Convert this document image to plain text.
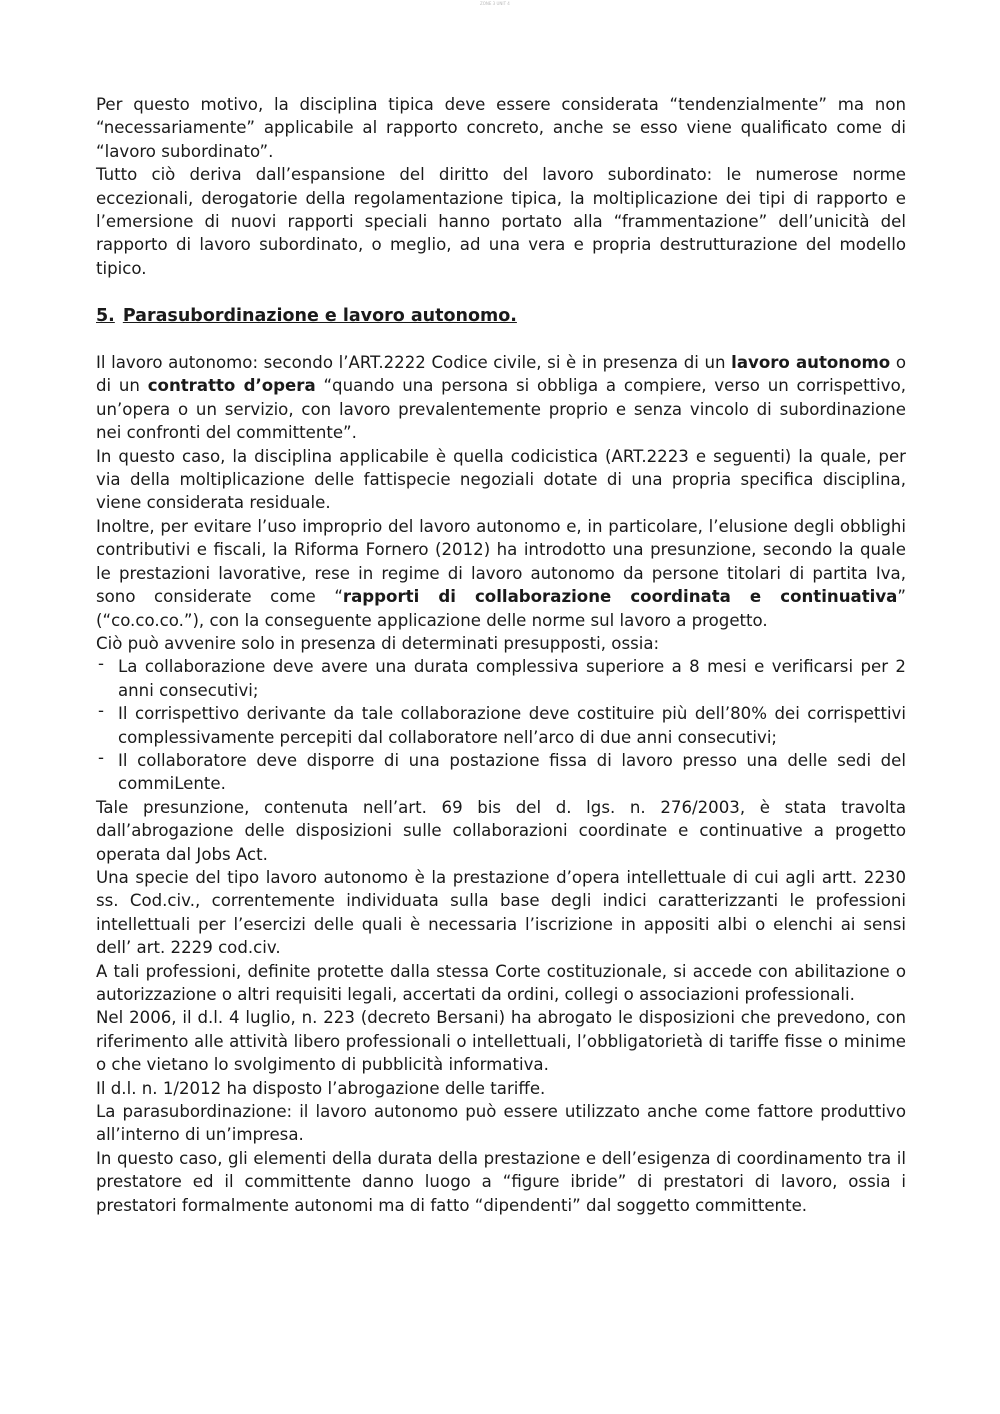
ZONE 3 UNIT 4

Per questo motivo, la disciplina tipica deve essere considerata “tendenzialmente” ma non “necessariamente” applicabile al rapporto concreto, anche se esso viene qualificato come di “lavoro subordinato”.

Tutto ciò deriva dall’espansione del diritto del lavoro subordinato: le numerose norme eccezionali, derogatorie della regolamentazione tipica, la moltiplicazione dei tipi di rapporto e l’emersione di nuovi rapporti speciali hanno portato alla “frammentazione” dell’unicità del rapporto di lavoro subordinato, o meglio, ad una vera e propria destrutturazione del modello tipico.

5. Parasubordinazione e lavoro autonomo.

Il lavoro autonomo: secondo l’ART.2222 Codice civile, si è in presenza di un lavoro autonomo o di un contratto d’opera “quando una persona si obbliga a compiere, verso un corrispettivo, un’opera o un servizio, con lavoro prevalentemente proprio e senza vincolo di subordinazione nei confronti del committente”.

In questo caso, la disciplina applicabile è quella codicistica (ART.2223 e seguenti) la quale, per via della moltiplicazione delle fattispecie negoziali dotate di una propria specifica disciplina, viene considerata residuale.

Inoltre, per evitare l’uso improprio del lavoro autonomo e, in particolare, l’elusione degli obblighi contributivi e fiscali, la Riforma Fornero (2012) ha introdotto una presunzione, secondo la quale le prestazioni lavorative, rese in regime di lavoro autonomo da persone titolari di partita Iva, sono considerate come “rapporti di collaborazione coordinata e continuativa” (“co.co.co.”), con la conseguente applicazione delle norme sul lavoro a progetto.

Ciò può avvenire solo in presenza di determinati presupposti, ossia:

- La collaborazione deve avere una durata complessiva superiore a 8 mesi e verificarsi per 2 anni consecutivi;
- Il corrispettivo derivante da tale collaborazione deve costituire più dell’80% dei corrispettivi complessivamente percepiti dal collaboratore nell’arco di due anni consecutivi;
- Il collaboratore deve disporre di una postazione fissa di lavoro presso una delle sedi del commiLente.

Tale presunzione, contenuta nell’art. 69 bis del d. lgs. n. 276/2003, è stata travolta dall’abrogazione delle disposizioni sulle collaborazioni coordinate e continuative a progetto operata dal Jobs Act.

Una specie del tipo lavoro autonomo è la prestazione d’opera intellettuale di cui agli artt. 2230 ss. Cod.civ., correntemente individuata sulla base degli indici caratterizzanti le professioni intellettuali per l’esercizi delle quali è necessaria l’iscrizione in appositi albi o elenchi ai sensi dell’ art. 2229 cod.civ.

A tali professioni, definite protette dalla stessa Corte costituzionale, si accede con abilitazione o autorizzazione o altri requisiti legali, accertati da ordini, collegi o associazioni professionali.

Nel 2006, il d.l. 4 luglio, n. 223 (decreto Bersani) ha abrogato le disposizioni che prevedono, con riferimento alle attività libero professionali o intellettuali, l’obbligatorietà di tariffe fisse o minime o che vietano lo svolgimento di pubblicità informativa.

Il d.l. n. 1/2012 ha disposto l’abrogazione delle tariffe.

La parasubordinazione: il lavoro autonomo può essere utilizzato anche come fattore produttivo all’interno di un’impresa.

In questo caso, gli elementi della durata della prestazione e dell’esigenza di coordinamento tra il prestatore ed il committente danno luogo a “figure ibride” di prestatori di lavoro, ossia i prestatori formalmente autonomi ma di fatto “dipendenti” dal soggetto committente.
